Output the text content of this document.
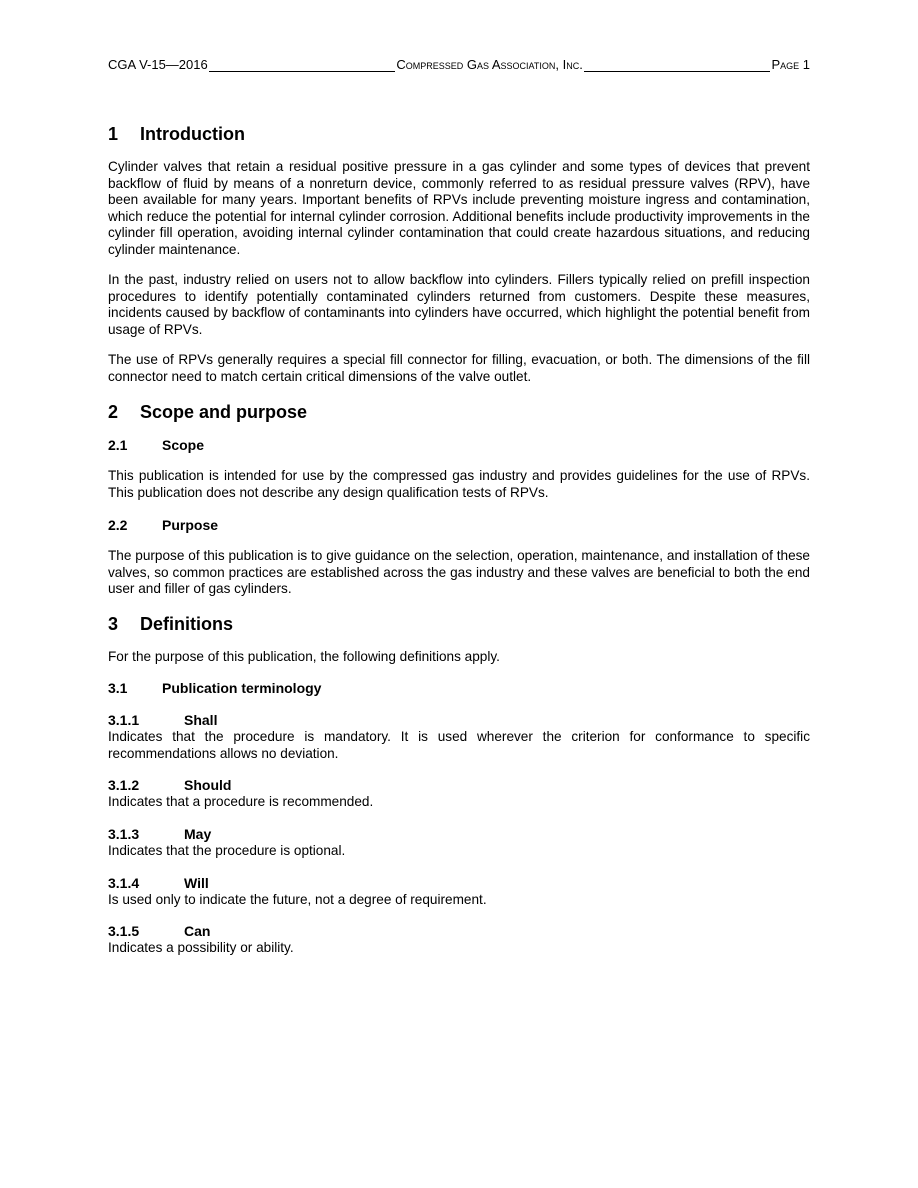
CGA V-15—2016	Compressed Gas Association, Inc.	Page 1
1 Introduction
Cylinder valves that retain a residual positive pressure in a gas cylinder and some types of devices that prevent backflow of fluid by means of a nonreturn device, commonly referred to as residual pressure valves (RPV), have been available for many years. Important benefits of RPVs include preventing moisture ingress and contamination, which reduce the potential for internal cylinder corrosion. Additional benefits include productivity improvements in the cylinder fill operation, avoiding internal cylinder contamination that could create hazardous situations, and reducing cylinder maintenance.
In the past, industry relied on users not to allow backflow into cylinders. Fillers typically relied on prefill inspection procedures to identify potentially contaminated cylinders returned from customers. Despite these measures, incidents caused by backflow of contaminants into cylinders have occurred, which highlight the potential benefit from usage of RPVs.
The use of RPVs generally requires a special fill connector for filling, evacuation, or both. The dimensions of the fill connector need to match certain critical dimensions of the valve outlet.
2 Scope and purpose
2.1 Scope
This publication is intended for use by the compressed gas industry and provides guidelines for the use of RPVs. This publication does not describe any design qualification tests of RPVs.
2.2 Purpose
The purpose of this publication is to give guidance on the selection, operation, maintenance, and installation of these valves, so common practices are established across the gas industry and these valves are beneficial to both the end user and filler of gas cylinders.
3 Definitions
For the purpose of this publication, the following definitions apply.
3.1 Publication terminology
3.1.1	Shall
Indicates that the procedure is mandatory. It is used wherever the criterion for conformance to specific recommendations allows no deviation.
3.1.2	Should
Indicates that a procedure is recommended.
3.1.3	May
Indicates that the procedure is optional.
3.1.4	Will
Is used only to indicate the future, not a degree of requirement.
3.1.5	Can
Indicates a possibility or ability.
